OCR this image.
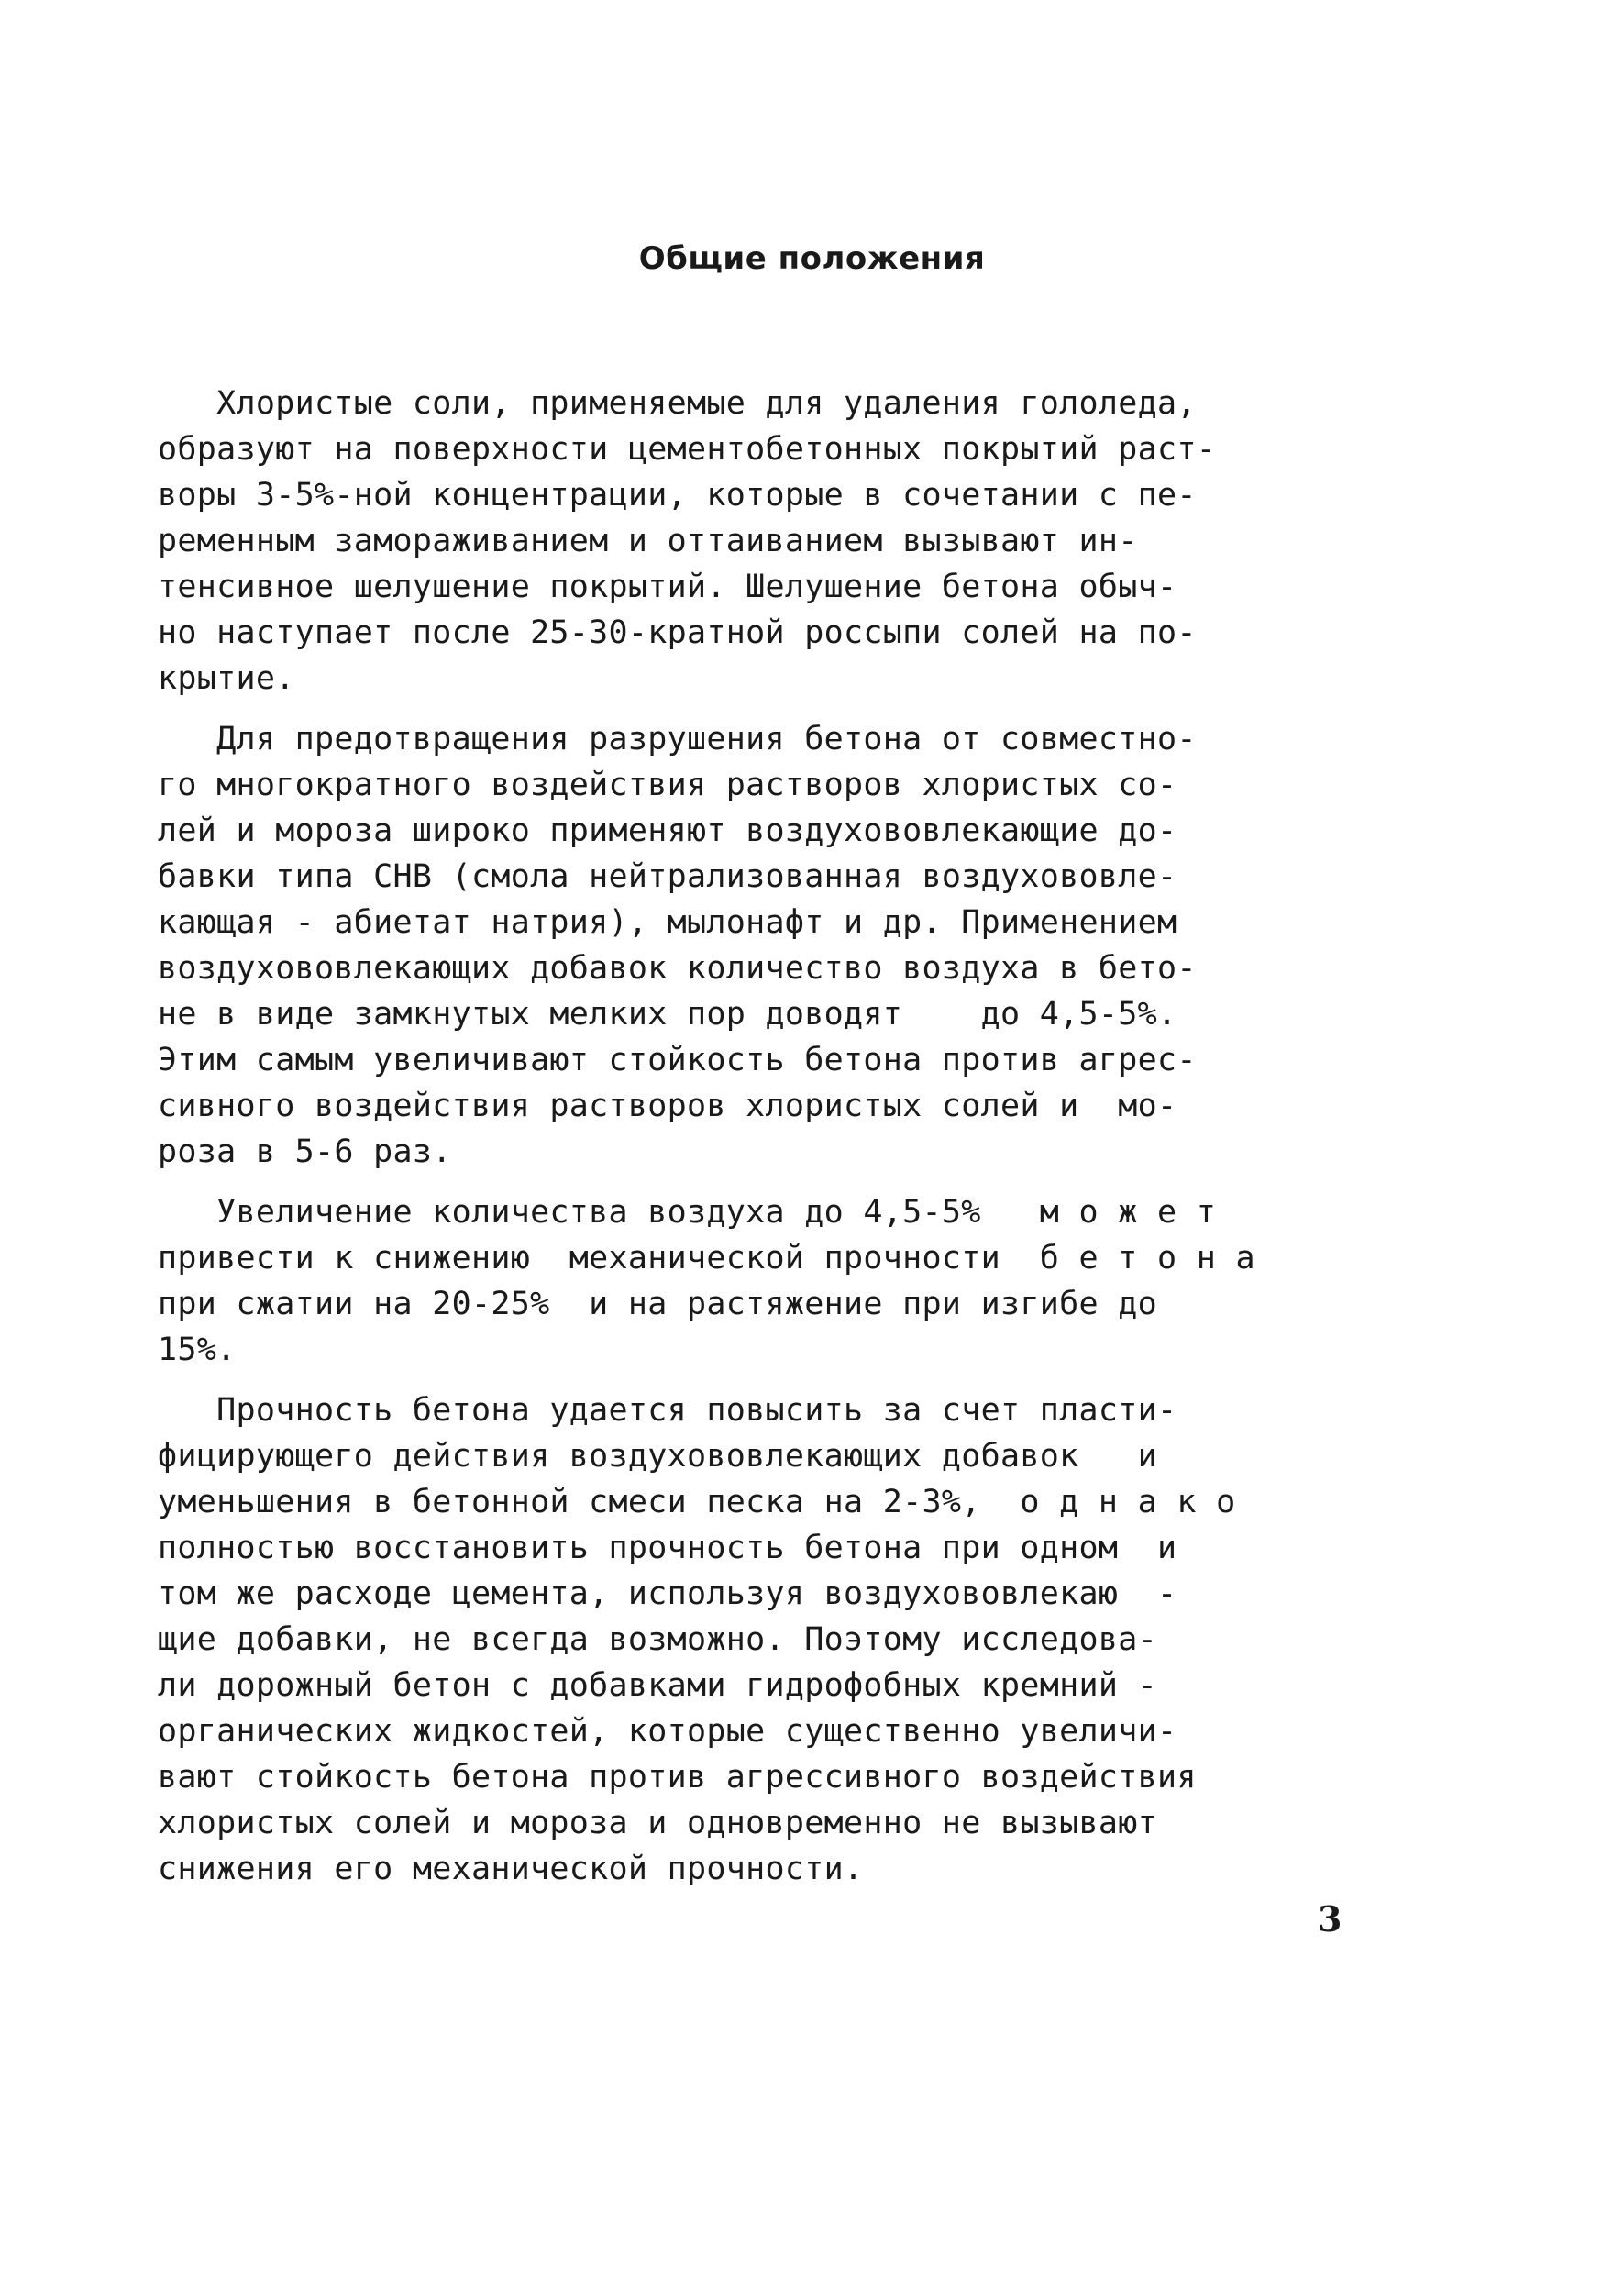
Общие положения
Хлористые соли, применяемые для удаления гололеда,
образуют на поверхности цементобетонных покрытий раст-
воры 3-5%-ной концентрации, которые в сочетании с пе-
ременным замораживанием и оттаиванием вызывают ин-
тенсивное шелушение покрытий. Шелушение бетона обыч-
но наступает после 25-30-кратной россыпи солей на по-
крытие.
Для предотвращения разрушения бетона от совместно-
го многократного воздействия растворов хлористых со-
лей и мороза широко применяют воздухововлекающие до-
бавки типа СНВ (смола нейтрализованная воздухововле-
кающая - абиетат натрия), мылонафт и др. Применением
воздухововлекающих добавок количество воздуха в бето-
не в виде замкнутых мелких пор доводят    до 4,5-5%.
Этим самым увеличивают стойкость бетона против агрес-
сивного воздействия растворов хлористых солей и  мо-
роза в 5-6 раз.
Увеличение количества воздуха до 4,5-5%   м о ж е т
привести к снижению  механической прочности  б е т о н а
при сжатии на 20-25%  и на растяжение при изгибе до
15%.
Прочность бетона удается повысить за счет пласти-
фицирующего действия воздухововлекающих добавок   и
уменьшения в бетонной смеси песка на 2-3%,  о д н а к о
полностью восстановить прочность бетона при одном  и
том же расходе цемента, используя воздухововлекаю  -
щие добавки, не всегда возможно. Поэтому исследова-
ли дорожный бетон с добавками гидрофобных кремний -
органических жидкостей, которые существенно увеличи-
вают стойкость бетона против агрессивного воздействия
хлористых солей и мороза и одновременно не вызывают
снижения его механической прочности.
3
